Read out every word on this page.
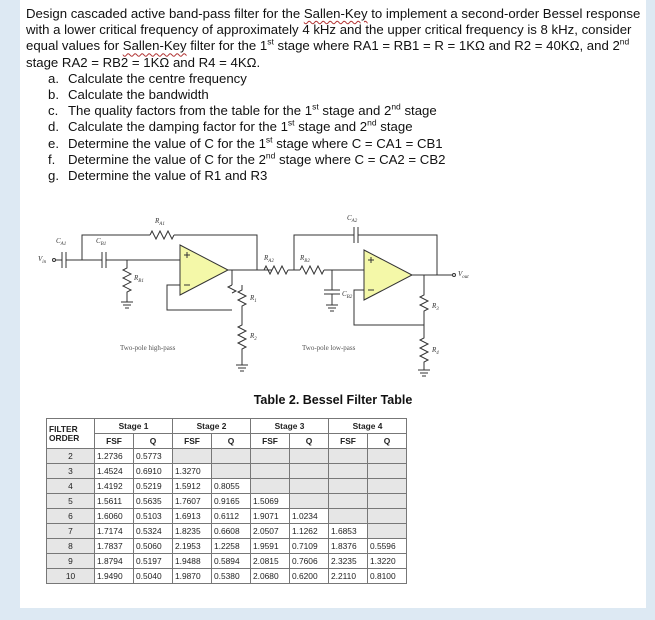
Design cascaded active band-pass filter for the Sallen-Key to implement a second-order Bessel response with a lower critical frequency of approximately 4 kHz and the upper critical frequency is 8 kHz, consider equal values for Sallen-Key filter for the 1st stage where RA1 = RB1 = R = 1KΩ and R2 = 40KΩ, and 2nd stage RA2 = RB2 = 1KΩ and R4 = 4KΩ.
a. Calculate the centre frequency
b. Calculate the bandwidth
c. The quality factors from the table for the 1st stage and 2nd stage
d. Calculate the damping factor for the 1st stage and 2nd stage
e. Determine the value of C for the 1st stage where C = CA1 = CB1
f. Determine the value of C for the 2nd stage where C = CA2 = CB2
g. Determine the value of R1 and R3
$V_{in}$
$C_{A1}$	$C_{B1}$
$R_{A1}$
$R_{B1}$
$R_1$
$R_2$
Two-pole high-pass
$R_{A2}$	$R_{B2}$
$C_{A2}$
$C_{B2}$
$V_{out}$
$R_3$
$R_4$
Two-pole low-pass
Table 2. Bessel Filter Table
FILTER
ORDER	Stage 1		Stage 2		Stage 3		Stage 4	
	FSF	Q	FSF	Q	FSF	Q	FSF	Q
2	1.2736	0.5773						
3	1.4524	0.6910	1.3270					
4	1.4192	0.5219	1.5912	0.8055				
5	1.5611	0.5635	1.7607	0.9165	1.5069			
6	1.6060	0.5103	1.6913	0.6112	1.9071	1.0234		
7	1.7174	0.5324	1.8235	0.6608	2.0507	1.1262	1.6853	
8	1.7837	0.5060	2.1953	1.2258	1.9591	0.7109	1.8376	0.5596
9	1.8794	0.5197	1.9488	0.5894	2.0815	0.7606	2.3235	1.3220
10	1.9490	0.5040	1.9870	0.5380	2.0680	0.6200	2.2110	0.8100
